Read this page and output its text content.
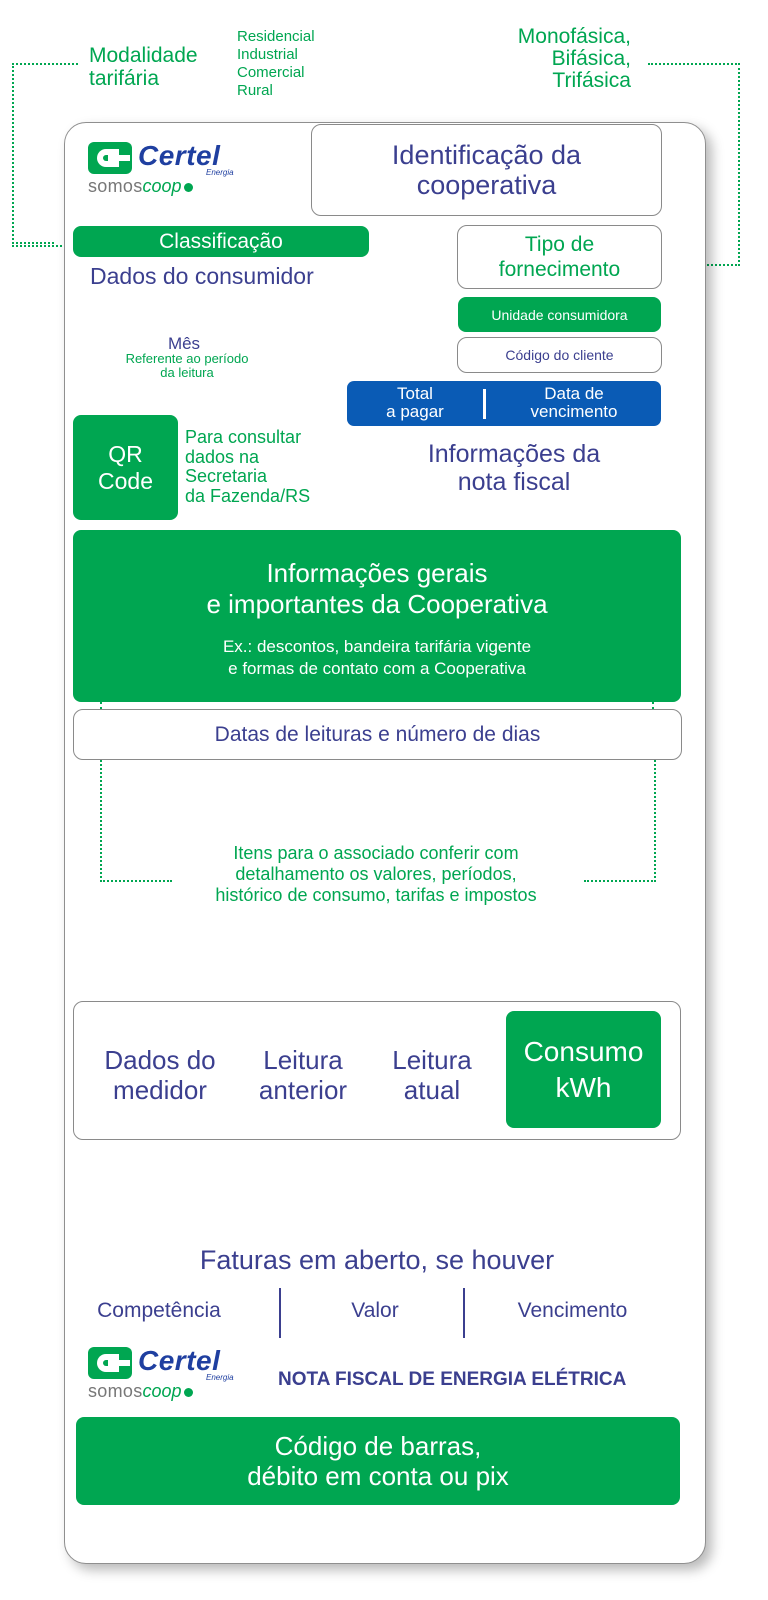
Modalidade
tarifária
Residencial
Industrial
Comercial
Rural
Monofásica,
Bifásica,
Trifásica
Certel
Energia
somoscoop
Identificação da
cooperativa
Classificação
Dados do consumidor
Tipo de
fornecimento
Unidade consumidora
Código do cliente
Mês
Referente ao período
da leitura
Total
a pagar
Data de
vencimento
QR
Code
Para consultar
dados na
Secretaria
da Fazenda/RS
Informações da
nota fiscal
Informações gerais
e importantes da Cooperativa
Ex.: descontos, bandeira tarifária vigente
e formas de contato com a Cooperativa
Datas de leituras e número de dias
Itens para o associado conferir com
detalhamento os valores, períodos,
histórico de consumo, tarifas e impostos
Dados do
medidor
Leitura
anterior
Leitura
atual
Consumo
kWh
Faturas em aberto, se houver
Competência	Valor	Vencimento
Certel
Energia
somoscoop
NOTA FISCAL DE ENERGIA ELÉTRICA
Código de barras,
débito em conta ou pix
